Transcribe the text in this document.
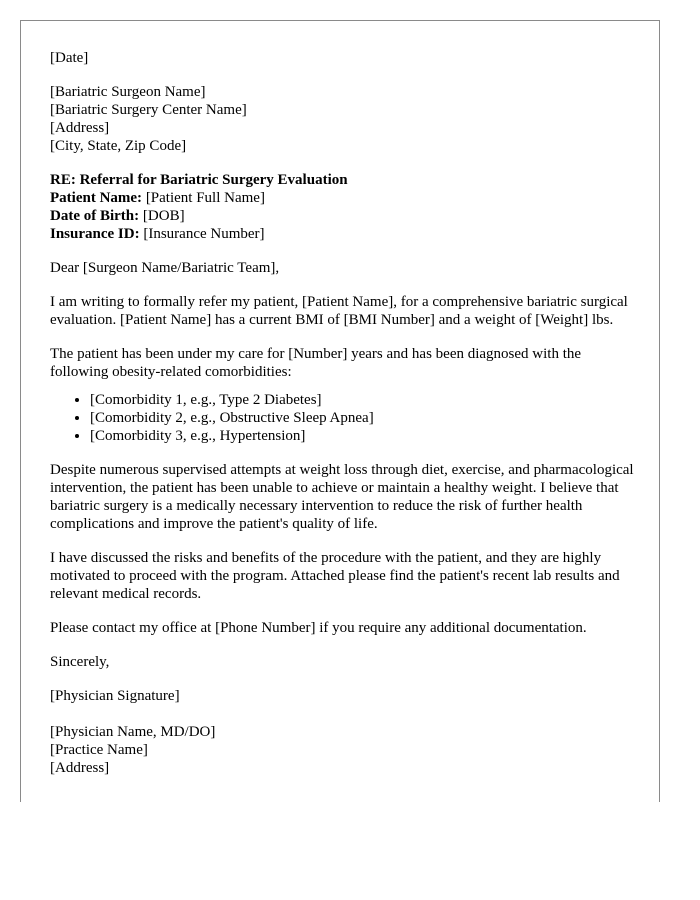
[Date]
[Bariatric Surgeon Name]
[Bariatric Surgery Center Name]
[Address]
[City, State, Zip Code]
RE: Referral for Bariatric Surgery Evaluation
Patient Name: [Patient Full Name]
Date of Birth: [DOB]
Insurance ID: [Insurance Number]

Dear [Surgeon Name/Bariatric Team],

I am writing to formally refer my patient, [Patient Name], for a comprehensive bariatric surgical evaluation. [Patient Name] has a current BMI of [BMI Number] and a weight of [Weight] lbs.

The patient has been under my care for [Number] years and has been diagnosed with the following obesity-related comorbidities:

• [Comorbidity 1, e.g., Type 2 Diabetes]
• [Comorbidity 2, e.g., Obstructive Sleep Apnea]
• [Comorbidity 3, e.g., Hypertension]

Despite numerous supervised attempts at weight loss through diet, exercise, and pharmacological intervention, the patient has been unable to achieve or maintain a healthy weight. I believe that bariatric surgery is a medically necessary intervention to reduce the risk of further health complications and improve the patient's quality of life.

I have discussed the risks and benefits of the procedure with the patient, and they are highly motivated to proceed with the program. Attached please find the patient's recent lab results and relevant medical records.

Please contact my office at [Phone Number] if you require any additional documentation.

Sincerely,

[Physician Signature]

[Physician Name, MD/DO]
[Practice Name]
[Address]
